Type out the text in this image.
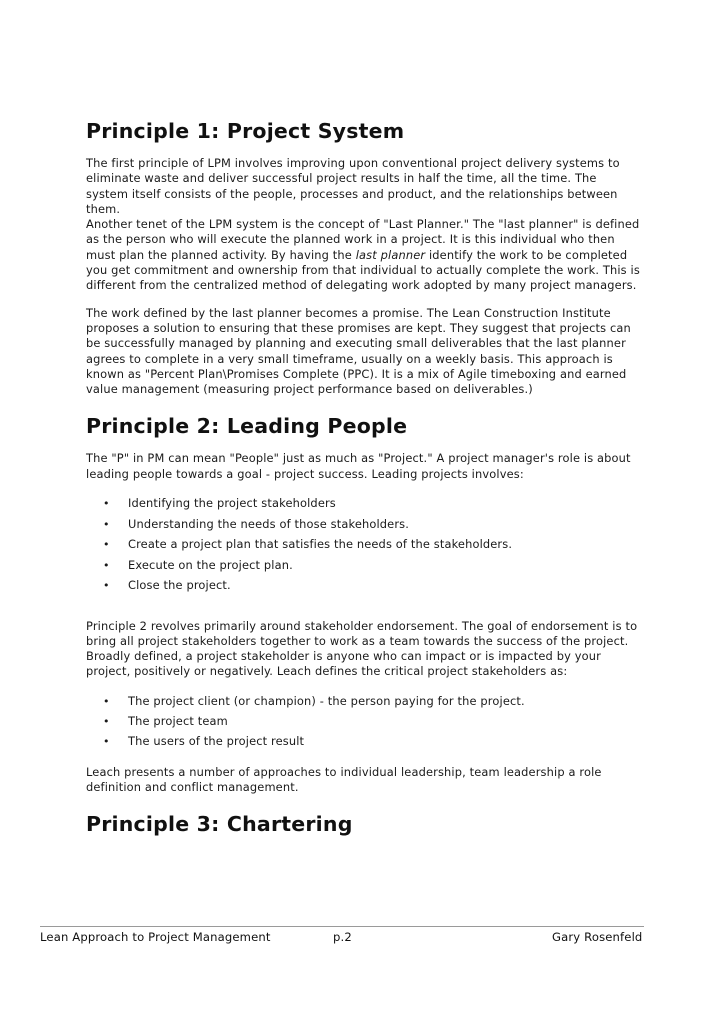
Principle 1: Project System

The first principle of LPM involves improving upon conventional project delivery systems to eliminate waste and deliver successful project results in half the time, all the time. The system itself consists of the people, processes and product, and the relationships between them.

Another tenet of the LPM system is the concept of "Last Planner." The "last planner" is defined as the person who will execute the planned work in a project. It is this individual who then must plan the planned activity. By having the last planner identify the work to be completed you get commitment and ownership from that individual to actually complete the work. This is different from the centralized method of delegating work adopted by many project managers.

The work defined by the last planner becomes a promise. The Lean Construction Institute proposes a solution to ensuring that these promises are kept. They suggest that projects can be successfully managed by planning and executing small deliverables that the last planner agrees to complete in a very small timeframe, usually on a weekly basis. This approach is known as "Percent Plan\Promises Complete (PPC). It is a mix of Agile timeboxing and earned value management (measuring project performance based on deliverables.)

Principle 2: Leading People

The "P" in PM can mean "People" just as much as "Project." A project manager's role is about leading people towards a goal - project success. Leading projects involves:

• Identifying the project stakeholders
• Understanding the needs of those stakeholders.
• Create a project plan that satisfies the needs of the stakeholders.
• Execute on the project plan.
• Close the project.

Principle 2 revolves primarily around stakeholder endorsement. The goal of endorsement is to bring all project stakeholders together to work as a team towards the success of the project. Broadly defined, a project stakeholder is anyone who can impact or is impacted by your project, positively or negatively. Leach defines the critical project stakeholders as:

• The project client (or champion) - the person paying for the project.
• The project team
• The users of the project result

Leach presents a number of approaches to individual leadership, team leadership a role definition and conflict management.

Principle 3: Chartering
Lean Approach to Project Management	p.2	Gary Rosenfeld
